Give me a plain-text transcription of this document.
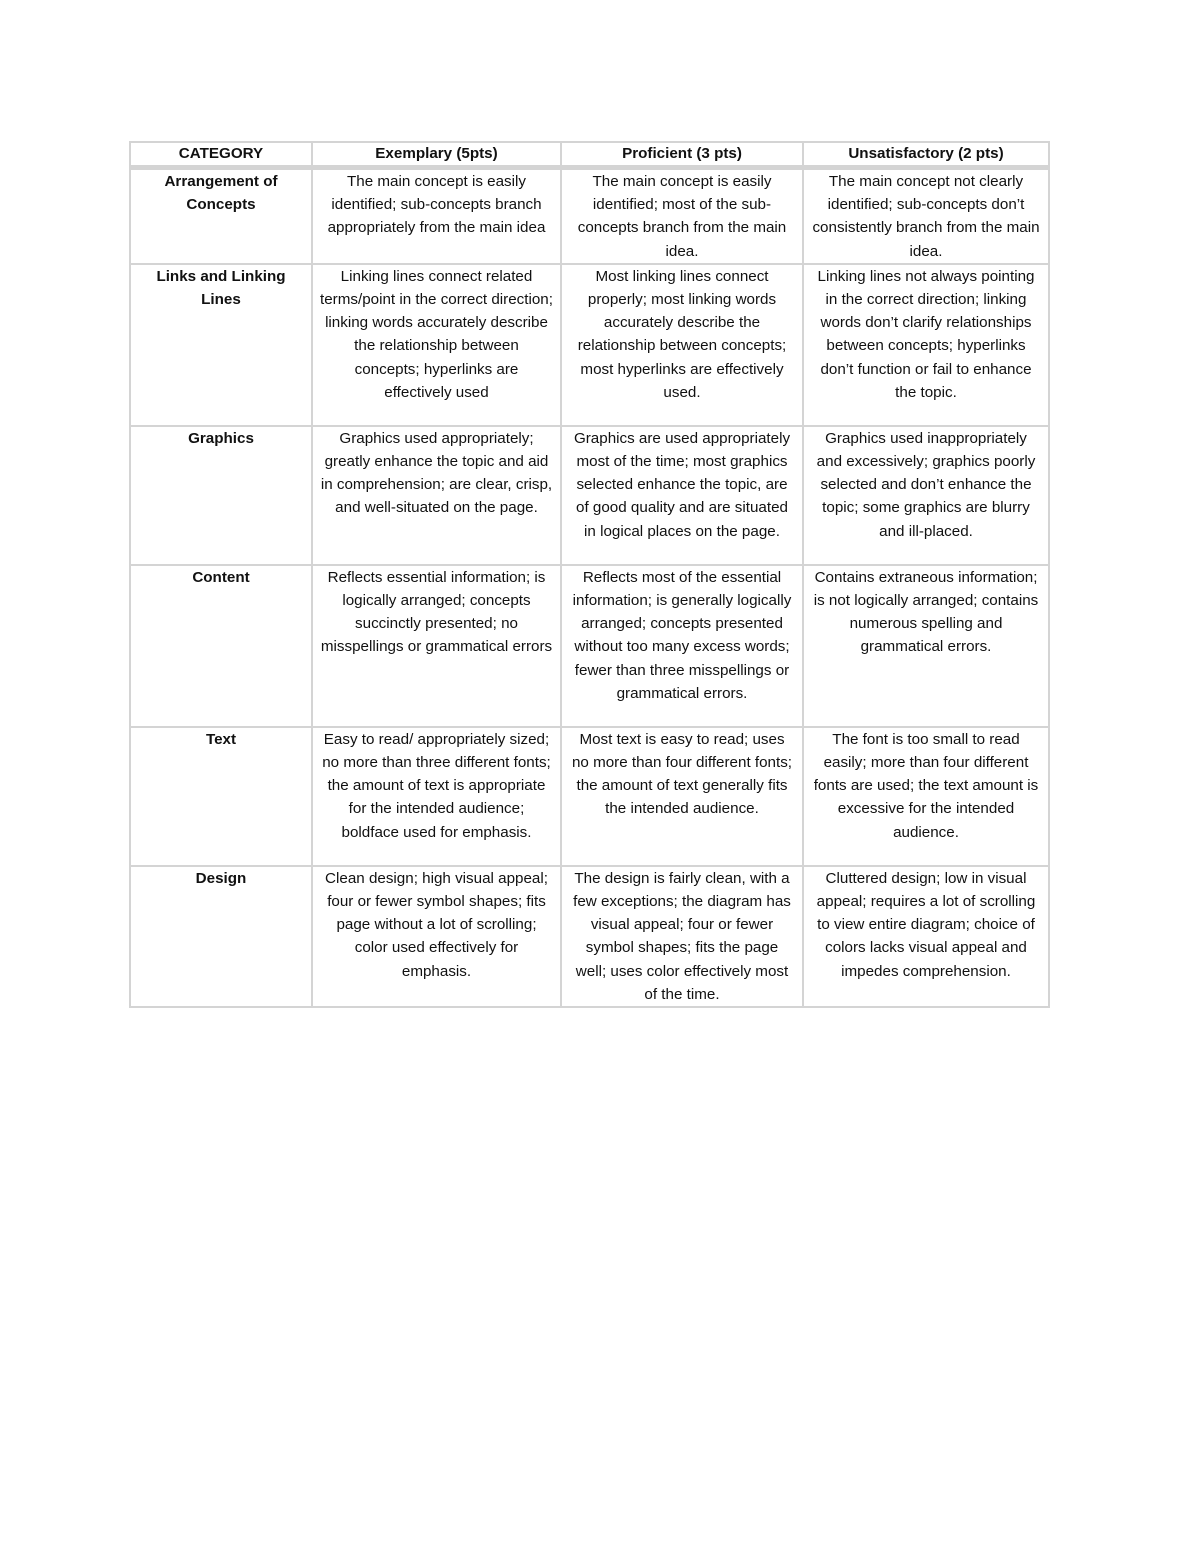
CATEGORY	Exemplary (5pts)	Proficient (3 pts)	Unsatisfactory (2 pts)
Arrangement of Concepts	The main concept is easily identified; sub-concepts branch appropriately from the main idea	The main concept is easily identified; most of the sub-concepts branch from the main idea.	The main concept not clearly identified; sub-concepts don’t consistently branch from the main idea.
Links and Linking Lines	Linking lines connect related terms/point in the correct direction; linking words accurately describe the relationship between concepts; hyperlinks are effectively used	Most linking lines connect properly; most linking words accurately describe the relationship between concepts; most hyperlinks are effectively used.	Linking lines not always pointing in the correct direction; linking words don’t clarify relationships between concepts; hyperlinks don’t function or fail to enhance the topic.
Graphics	Graphics used appropriately; greatly enhance the topic and aid in comprehension; are clear, crisp, and well-situated on the page.	Graphics are used appropriately most of the time; most graphics selected enhance the topic, are of good quality and are situated in logical places on the page.	Graphics used inappropriately and excessively; graphics poorly selected and don’t enhance the topic; some graphics are blurry and ill-placed.
Content	Reflects essential information; is logically arranged; concepts succinctly presented; no misspellings or grammatical errors	Reflects most of the essential information; is generally logically arranged; concepts presented without too many excess words; fewer than three misspellings or grammatical errors.	Contains extraneous information; is not logically arranged; contains numerous spelling and grammatical errors.
Text	Easy to read/ appropriately sized; no more than three different fonts; the amount of text is appropriate for the intended audience; boldface used for emphasis.	Most text is easy to read; uses no more than four different fonts; the amount of text generally fits the intended audience.	The font is too small to read easily; more than four different fonts are used; the text amount is excessive for the intended audience.
Design	Clean design; high visual appeal; four or fewer symbol shapes; fits page without a lot of scrolling; color used effectively for emphasis.	The design is fairly clean, with a few exceptions; the diagram has visual appeal; four or fewer symbol shapes; fits the page well; uses color effectively most of the time.	Cluttered design; low in visual appeal; requires a lot of scrolling to view entire diagram; choice of colors lacks visual appeal and impedes comprehension.
